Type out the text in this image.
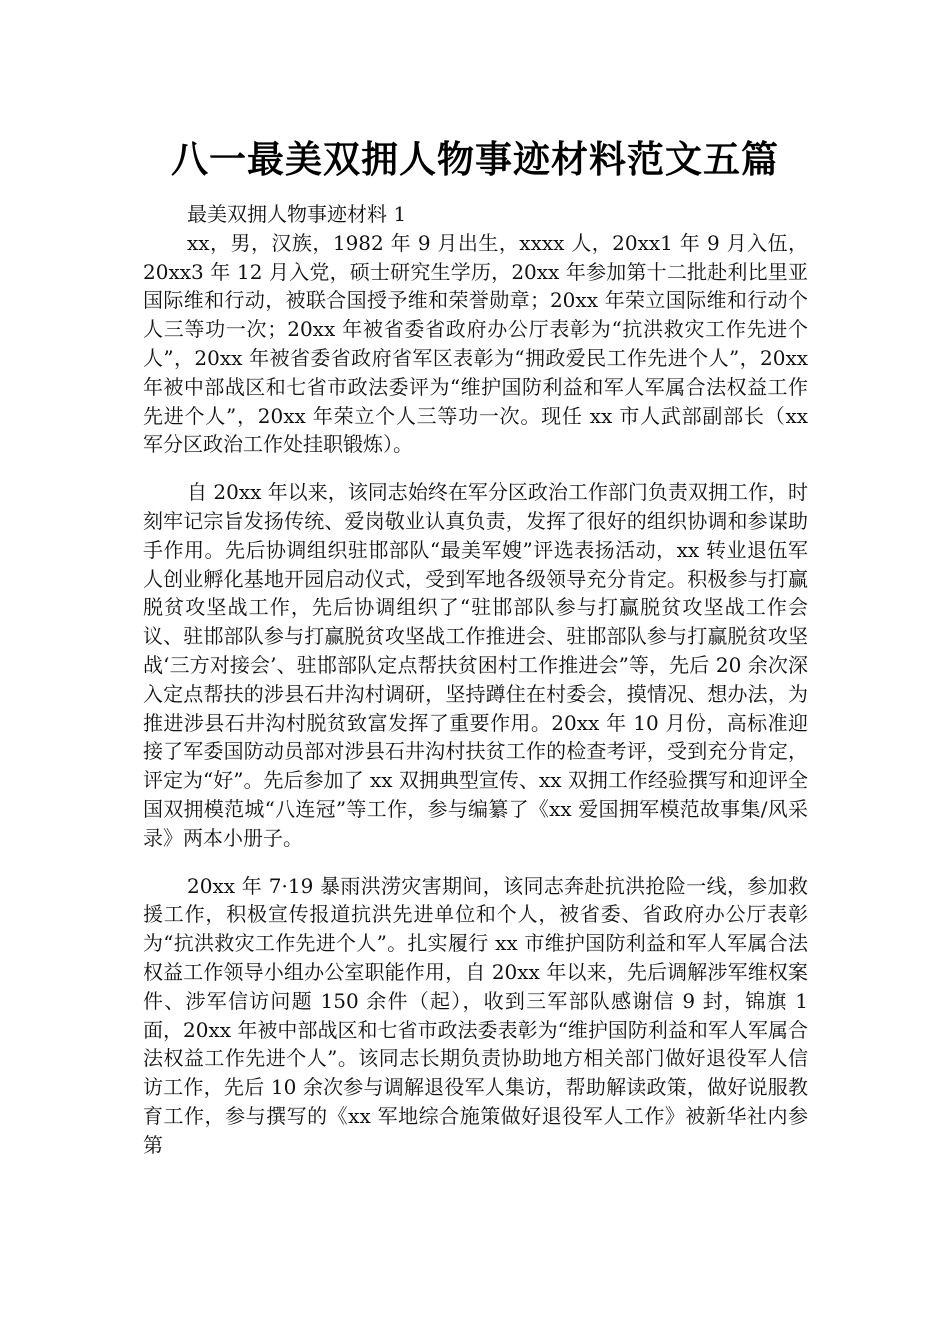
八一最美双拥人物事迹材料范文五篇

最美双拥人物事迹材料 1

xx，男，汉族，1982 年 9 月出生，xxxx 人，20xx1 年 9 月入伍，20xx3 年 12 月入党，硕士研究生学历，20xx 年参加第十二批赴利比里亚国际维和行动，被联合国授予维和荣誉勋章；20xx 年荣立国际维和行动个人三等功一次；20xx 年被省委省政府办公厅表彰为“抗洪救灾工作先进个人”，20xx 年被省委省政府省军区表彰为“拥政爱民工作先进个人”，20xx 年被中部战区和七省市政法委评为“维护国防利益和军人军属合法权益工作先进个人”，20xx 年荣立个人三等功一次。现任 xx 市人武部副部长（xx 军分区政治工作处挂职锻炼）。

自 20xx 年以来，该同志始终在军分区政治工作部门负责双拥工作，时刻牢记宗旨发扬传统、爱岗敬业认真负责，发挥了很好的组织协调和参谋助手作用。先后协调组织驻邯部队“最美军嫂”评选表扬活动，xx 转业退伍军人创业孵化基地开园启动仪式，受到军地各级领导充分肯定。积极参与打赢脱贫攻坚战工作，先后协调组织了“驻邯部队参与打赢脱贫攻坚战工作会议、驻邯部队参与打赢脱贫攻坚战工作推进会、驻邯部队参与打赢脱贫攻坚战‘三方对接会’、驻邯部队定点帮扶贫困村工作推进会”等，先后 20 余次深入定点帮扶的涉县石井沟村调研，坚持蹲住在村委会，摸情况、想办法，为推进涉县石井沟村脱贫致富发挥了重要作用。20xx 年 10 月份，高标准迎接了军委国防动员部对涉县石井沟村扶贫工作的检查考评，受到充分肯定，评定为“好”。先后参加了 xx 双拥典型宣传、xx 双拥工作经验撰写和迎评全国双拥模范城“八连冠”等工作，参与编纂了《xx 爱国拥军模范故事集/风采录》两本小册子。

20xx 年 7·19 暴雨洪涝灾害期间，该同志奔赴抗洪抢险一线，参加救援工作，积极宣传报道抗洪先进单位和个人，被省委、省政府办公厅表彰为“抗洪救灾工作先进个人”。扎实履行 xx 市维护国防利益和军人军属合法权益工作领导小组办公室职能作用，自 20xx 年以来，先后调解涉军维权案件、涉军信访问题 150 余件（起），收到三军部队感谢信 9 封，锦旗 1 面，20xx 年被中部战区和七省市政法委表彰为“维护国防利益和军人军属合法权益工作先进个人”。该同志长期负责协助地方相关部门做好退役军人信访工作，先后 10 余次参与调解退役军人集访，帮助解读政策，做好说服教育工作，参与撰写的《xx 军地综合施策做好退役军人工作》被新华社内参第
